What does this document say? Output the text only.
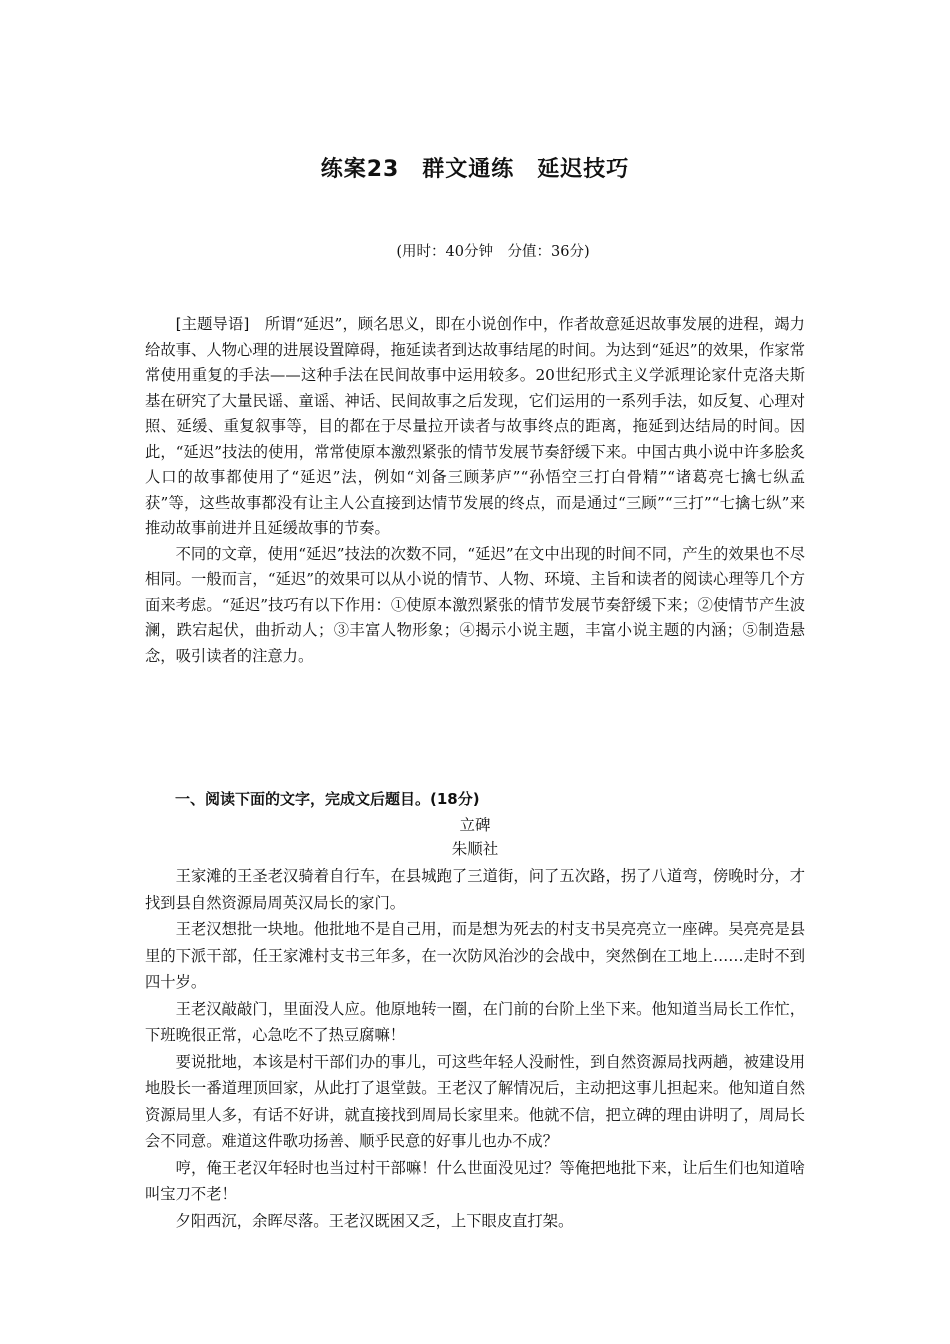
练案23　群文通练　延迟技巧
(用时：40分钟　分值：36分)

[主题导语]　 所谓“延迟”，顾名思义，即在小说创作中，作者故意延迟故事发展的进程，竭力给故事、人物心理的进展设置障碍，拖延读者到达故事结尾的时间。为达到“延迟”的效果，作家常常使用重复的手法——这种手法在民间故事中运用较多。20世纪形式主义学派理论家什克洛夫斯基在研究了大量民谣、童谣、神话、民间故事之后发现，它们运用的一系列手法，如反复、心理对照、延缓、重复叙事等，目的都在于尽量拉开读者与故事终点的距离，拖延到达结局的时间。因此，“延迟”技法的使用，常常使原本激烈紧张的情节发展节奏舒缓下来。中国古典小说中许多脍炙人口的故事都使用了“延迟”法，例如“刘备三顾茅庐”“孙悟空三打白骨精”“诸葛亮七擒七纵孟获”等，这些故事都没有让主人公直接到达情节发展的终点，而是通过“三顾”“三打”“七擒七纵”来推动故事前进并且延缓故事的节奏。

不同的文章，使用“延迟”技法的次数不同，“延迟”在文中出现的时间不同，产生的效果也不尽相同。一般而言，“延迟”的效果可以从小说的情节、人物、环境、主旨和读者的阅读心理等几个方面来考虑。“延迟”技巧有以下作用：①使原本激烈紧张的情节发展节奏舒缓下来；②使情节产生波澜，跌宕起伏，曲折动人；③丰富人物形象；④揭示小说主题，丰富小说主题的内涵；⑤制造悬念，吸引读者的注意力。

一、阅读下面的文字，完成文后题目。(18分)
立碑
朱顺社

王家滩的王圣老汉骑着自行车，在县城跑了三道街，问了五次路，拐了八道弯，傍晚时分，才找到县自然资源局周英汉局长的家门。

王老汉想批一块地。他批地不是自己用，而是想为死去的村支书吴亮亮立一座碑。吴亮亮是县里的下派干部，任王家滩村支书三年多，在一次防风治沙的会战中，突然倒在工地上……走时不到四十岁。

王老汉敲敲门，里面没人应。他原地转一圈，在门前的台阶上坐下来。他知道当局长工作忙，下班晚很正常，心急吃不了热豆腐嘛！

要说批地，本该是村干部们办的事儿，可这些年轻人没耐性，到自然资源局找两趟，被建设用地股长一番道理顶回家，从此打了退堂鼓。王老汉了解情况后，主动把这事儿担起来。他知道自然资源局里人多，有话不好讲，就直接找到周局长家里来。他就不信，把立碑的理由讲明了，周局长会不同意。难道这件歌功扬善、顺乎民意的好事儿也办不成？

哼，俺王老汉年轻时也当过村干部嘛！什么世面没见过？等俺把地批下来，让后生们也知道啥叫宝刀不老！

夕阳西沉，余晖尽落。王老汉既困又乏，上下眼皮直打架。
